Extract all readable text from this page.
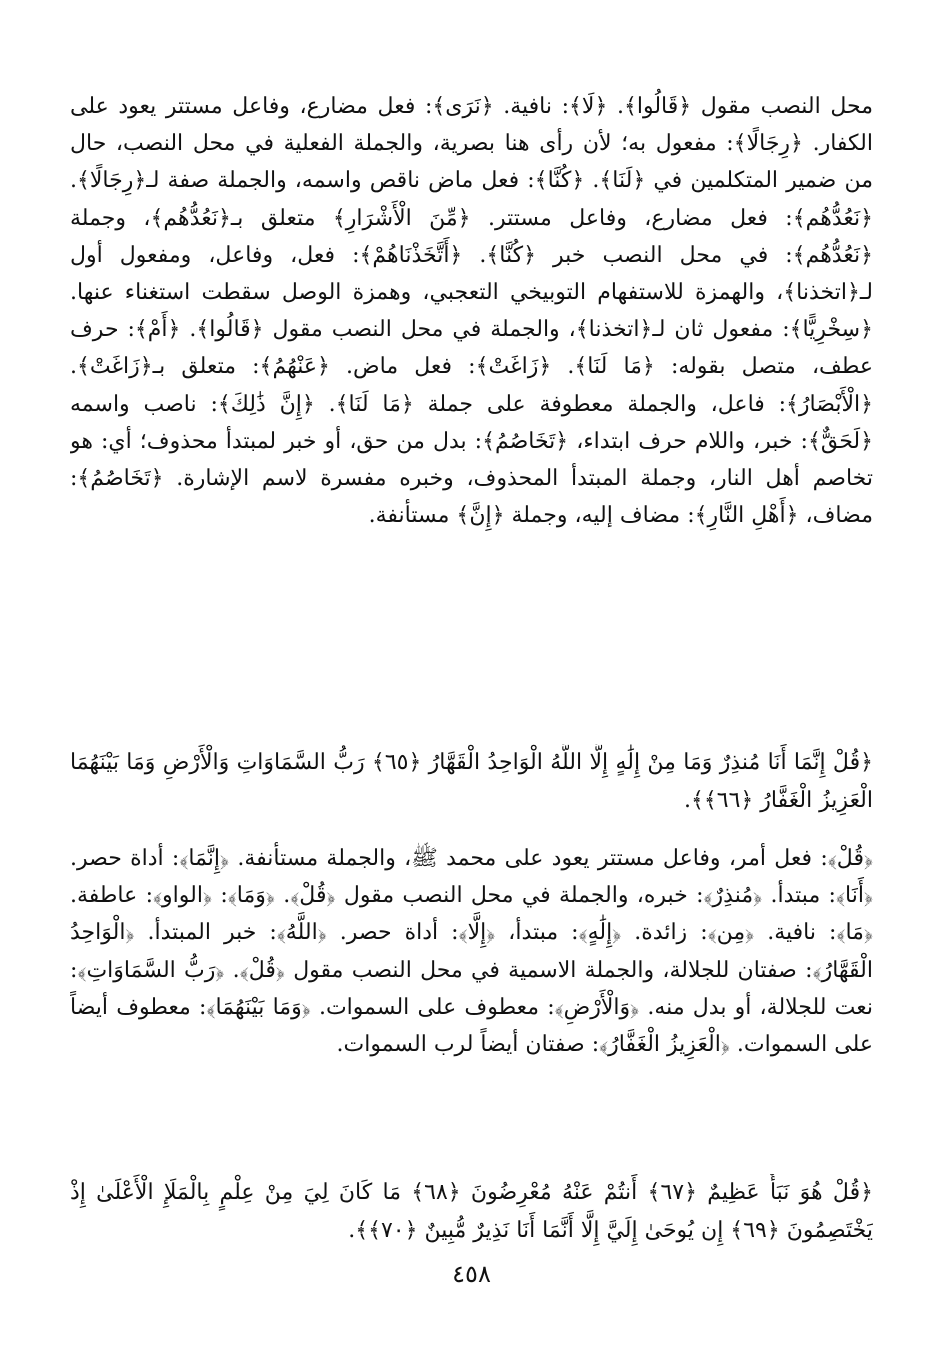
محل النصب مقول ﴿قَالُوا﴾. ﴿لَا﴾: نافية. ﴿نَرَى﴾: فعل مضارع، وفاعل مستتر يعود على الكفار. ﴿رِجَالًا﴾: مفعول به؛ لأن رأى هنا بصرية، والجملة الفعلية في محل النصب، حال من ضمير المتكلمين في ﴿لَنَا﴾. ﴿كُنَّا﴾: فعل ماض ناقص واسمه، والجملة صفة لـ﴿رِجَالًا﴾. ﴿نَعُدُّهُم﴾: فعل مضارع، وفاعل مستتر. ﴿مِّنَ الْأَشْرَارِ﴾ متعلق بـ﴿نَعُدُّهُم﴾، وجملة ﴿نَعُدُّهُم﴾: في محل النصب خبر ﴿كُنَّا﴾. ﴿أَتَّخَذْنَاهُمْ﴾: فعل، وفاعل، ومفعول أول لـ﴿اتخذنا﴾، والهمزة للاستفهام التوبيخي التعجبي، وهمزة الوصل سقطت استغناء عنها. ﴿سِخْرِيًّا﴾: مفعول ثان لـ﴿اتخذنا﴾، والجملة في محل النصب مقول ﴿قَالُوا﴾. ﴿أَمْ﴾: حرف عطف، متصل بقوله: ﴿مَا لَنَا﴾. ﴿زَاغَتْ﴾: فعل ماض. ﴿عَنْهُمُ﴾: متعلق بـ﴿زَاغَتْ﴾. ﴿الْأَبْصَارُ﴾: فاعل، والجملة معطوفة على جملة ﴿مَا لَنَا﴾. ﴿إِنَّ ذَٰلِكَ﴾: ناصب واسمه ﴿لَحَقٌّ﴾: خبر، واللام حرف ابتداء، ﴿تَخَاصُمُ﴾: بدل من حق، أو خبر لمبتدأ محذوف؛ أي: هو تخاصم أهل النار، وجملة المبتدأ المحذوف، وخبره مفسرة لاسم الإشارة. ﴿تَخَاصُمُ﴾: مضاف، ﴿أَهْلِ النَّارِ﴾: مضاف إليه، وجملة ﴿إِنَّ﴾ مستأنفة.

﴿قُلْ إِنَّمَا أَنَا مُنذِرٌ وَمَا مِنْ إِلَٰهٍ إِلَّا اللَّهُ الْوَاحِدُ الْقَهَّارُ ﴿٦٥﴾ رَبُّ السَّمَاوَاتِ وَالْأَرْضِ وَمَا بَيْنَهُمَا الْعَزِيزُ الْغَفَّارُ ﴿٦٦﴾﴾.

﴿قُلْ﴾: فعل أمر، وفاعل مستتر يعود على محمد ﷺ، والجملة مستأنفة. ﴿إِنَّمَا﴾: أداة حصر. ﴿أَنَا﴾: مبتدأ. ﴿مُنذِرٌ﴾: خبره، والجملة في محل النصب مقول ﴿قُلْ﴾. ﴿وَمَا﴾: ﴿الواو﴾: عاطفة. ﴿مَا﴾: نافية. ﴿مِن﴾: زائدة. ﴿إِلَٰهٍ﴾: مبتدأ، ﴿إِلَّا﴾: أداة حصر. ﴿اللَّهُ﴾: خبر المبتدأ. ﴿الْوَاحِدُ الْقَهَّارُ﴾: صفتان للجلالة، والجملة الاسمية في محل النصب مقول ﴿قُلْ﴾. ﴿رَبُّ السَّمَاوَاتِ﴾: نعت للجلالة، أو بدل منه. ﴿وَالْأَرْضِ﴾: معطوف على السموات. ﴿وَمَا بَيْنَهُمَا﴾: معطوف أيضاً على السموات. ﴿الْعَزِيزُ الْغَفَّارُ﴾: صفتان أيضاً لرب السموات.

﴿قُلْ هُوَ نَبَأٌ عَظِيمٌ ﴿٦٧﴾ أَنتُمْ عَنْهُ مُعْرِضُونَ ﴿٦٨﴾ مَا كَانَ لِيَ مِنْ عِلْمٍ بِالْمَلَإِ الْأَعْلَىٰ إِذْ يَخْتَصِمُونَ ﴿٦٩﴾ إِن يُوحَىٰ إِلَيَّ إِلَّا أَنَّمَا أَنَا نَذِيرٌ مُّبِينٌ ﴿٧٠﴾﴾.

٤٥٨
